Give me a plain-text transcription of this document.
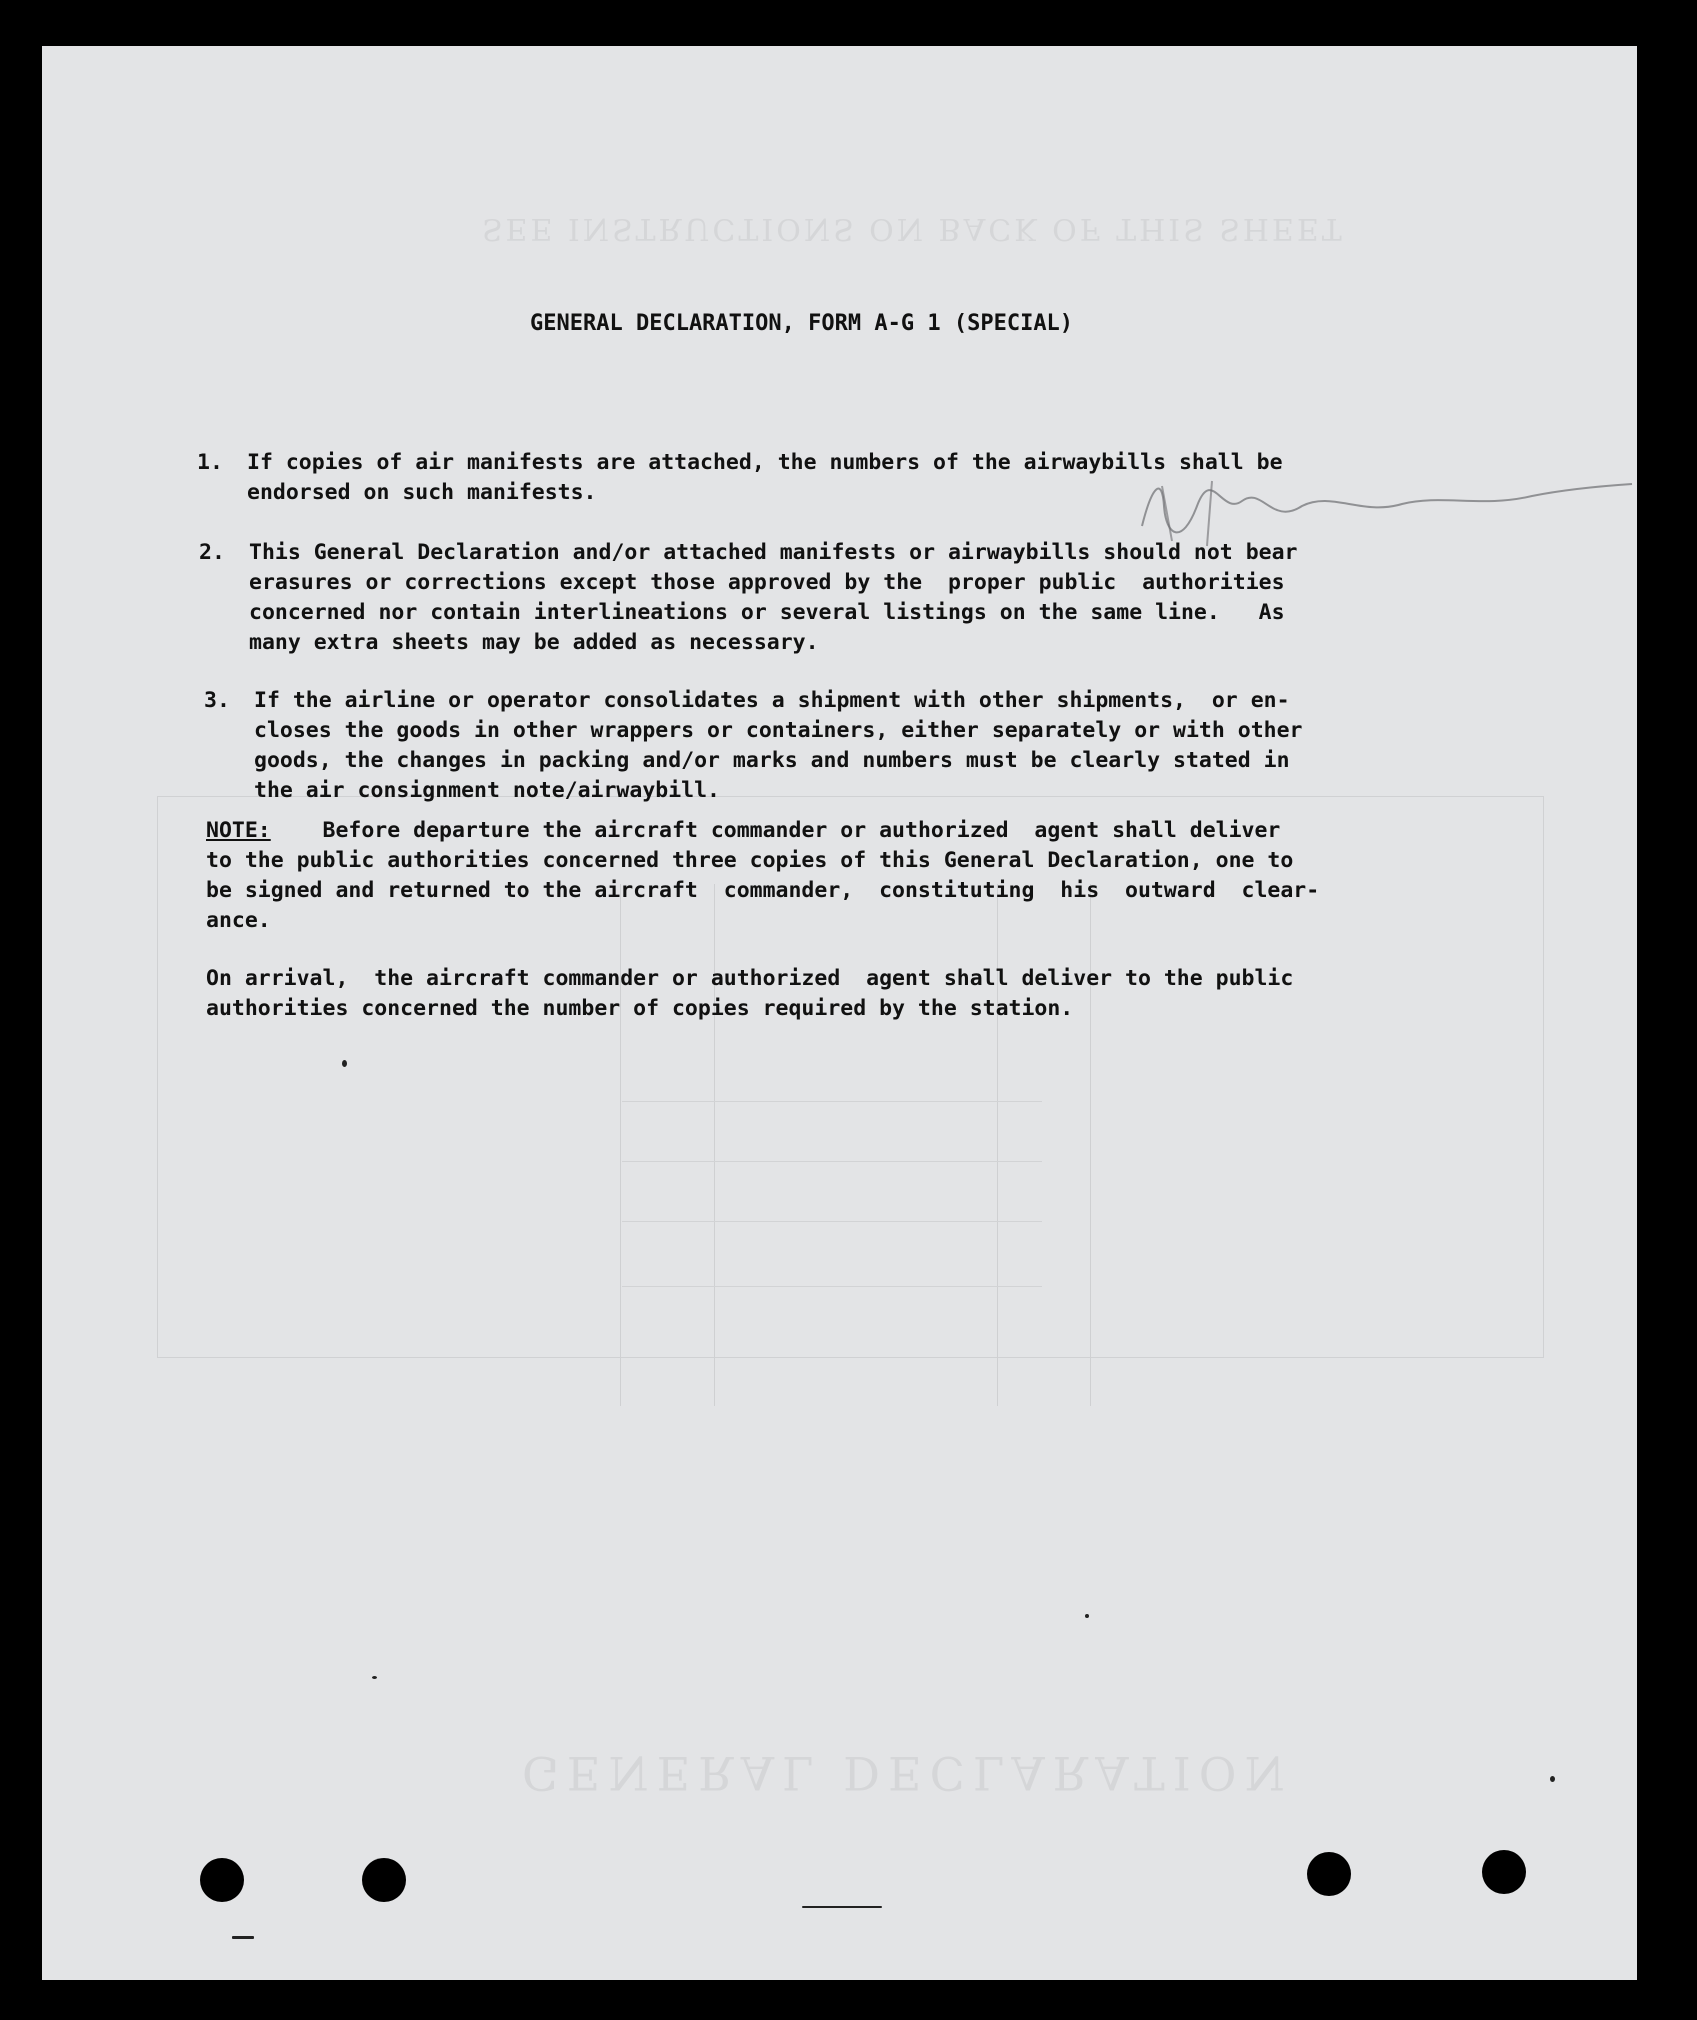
GENERAL DECLARATION
SEE INSTRUCTIONS ON BACK OF THIS SHEET
GENERAL DECLARATION, FORM A-G 1 (SPECIAL)
1. If copies of air manifests are attached, the numbers of the airwaybills shall be
endorsed on such manifests.
2. This General Declaration and/or attached manifests or airwaybills should not bear
erasures or corrections except those approved by the  proper public  authorities
concerned nor contain interlineations or several listings on the same line.   As
many extra sheets may be added as necessary.
3. If the airline or operator consolidates a shipment with other shipments,  or en-
closes the goods in other wrappers or containers, either separately or with other
goods, the changes in packing and/or marks and numbers must be clearly stated in
the air consignment note/airwaybill.
NOTE:    Before departure the aircraft commander or authorized  agent shall deliver
to the public authorities concerned three copies of this General Declaration, one to
be signed and returned to the aircraft  commander,  constituting  his  outward  clear-
ance.
On arrival,  the aircraft commander or authorized  agent shall deliver to the public
authorities concerned the number of copies required by the station.
